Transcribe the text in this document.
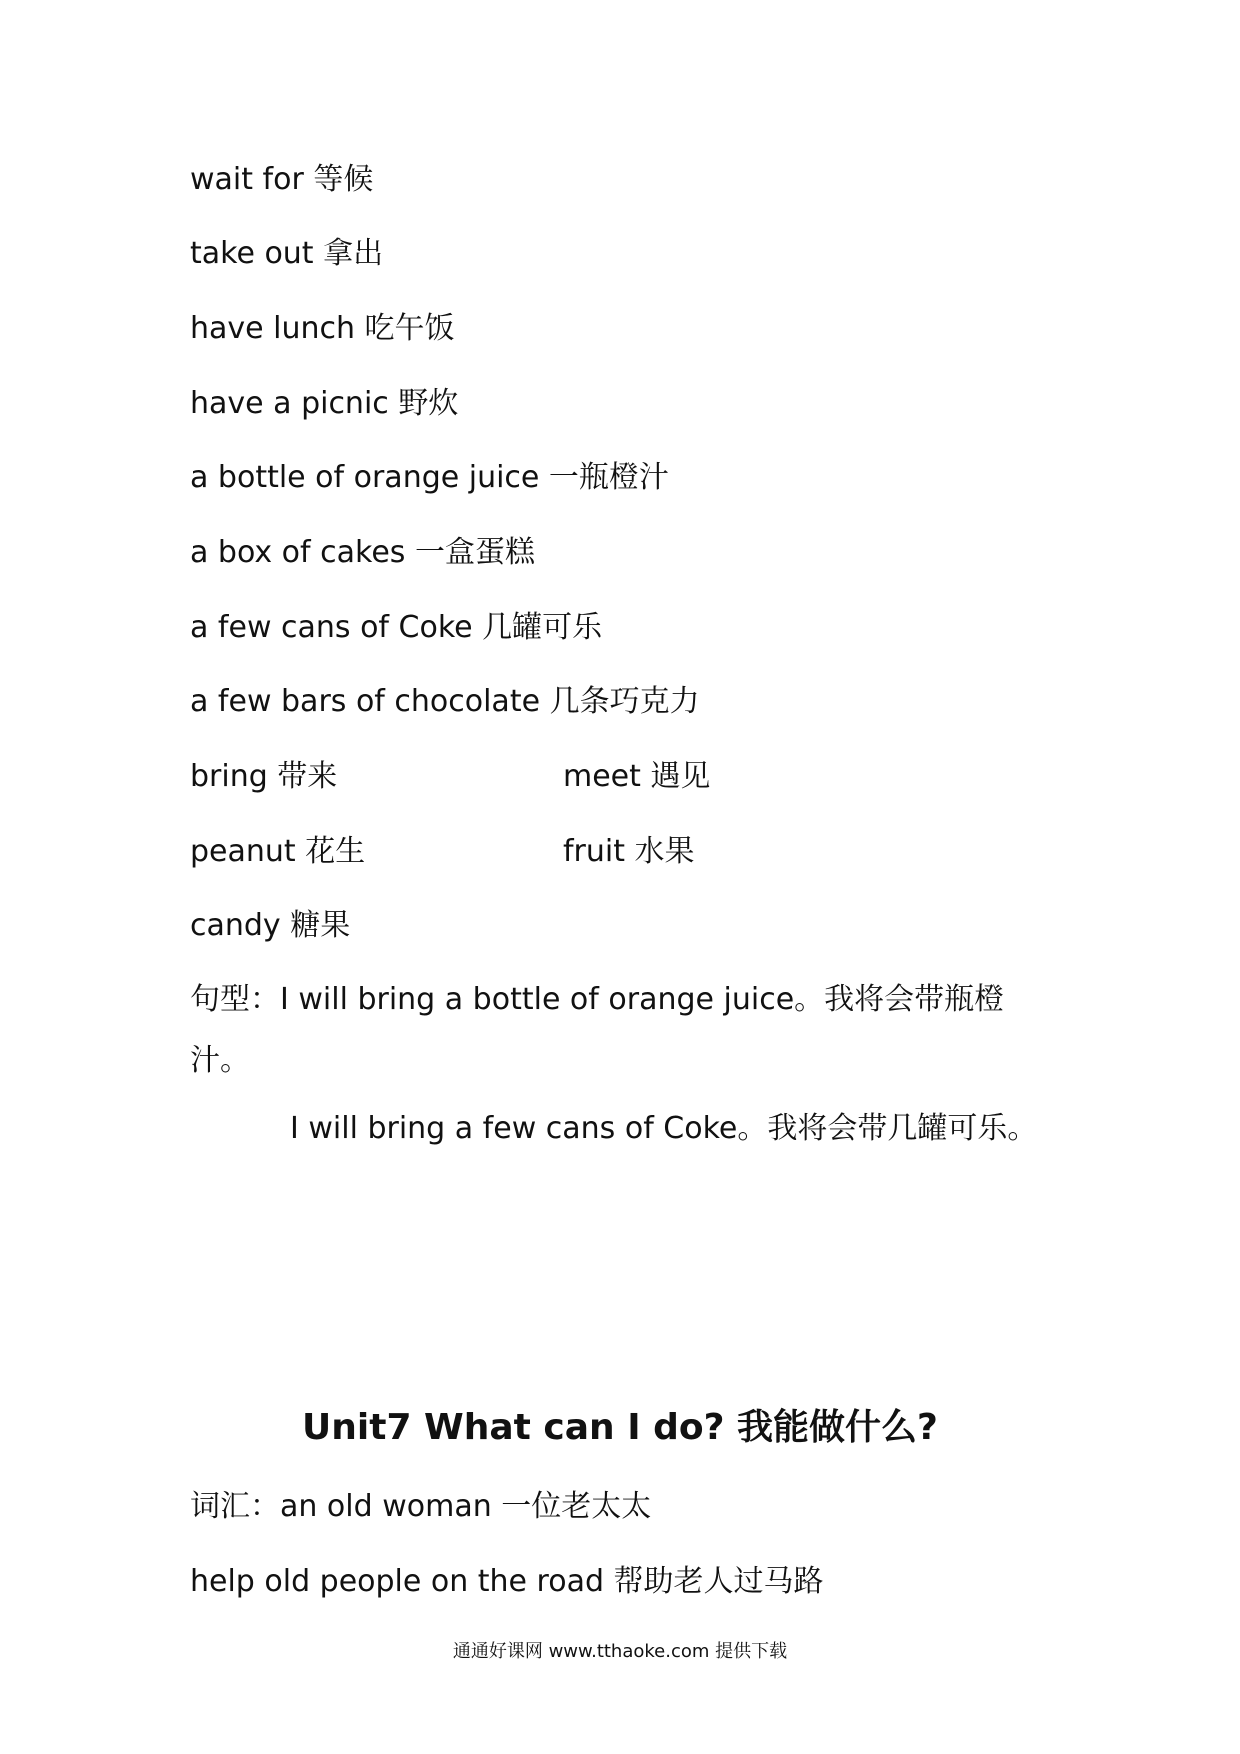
wait for 等候
take out 拿出
have lunch 吃午饭
have a picnic 野炊
a bottle of orange juice 一瓶橙汁
a box of cakes 一盒蛋糕
a few cans of Coke 几罐可乐
a few bars of chocolate 几条巧克力
bring 带来	meet 遇见
peanut 花生	fruit 水果
candy 糖果
句型：I will bring a bottle of orange juice。我将会带瓶橙
汁。
I will bring a few cans of Coke。我将会带几罐可乐。
Unit7 What can I do? 我能做什么?
词汇：an old woman 一位老太太
help old people on the road 帮助老人过马路
通通好课网 www.tthaoke.com 提供下载
